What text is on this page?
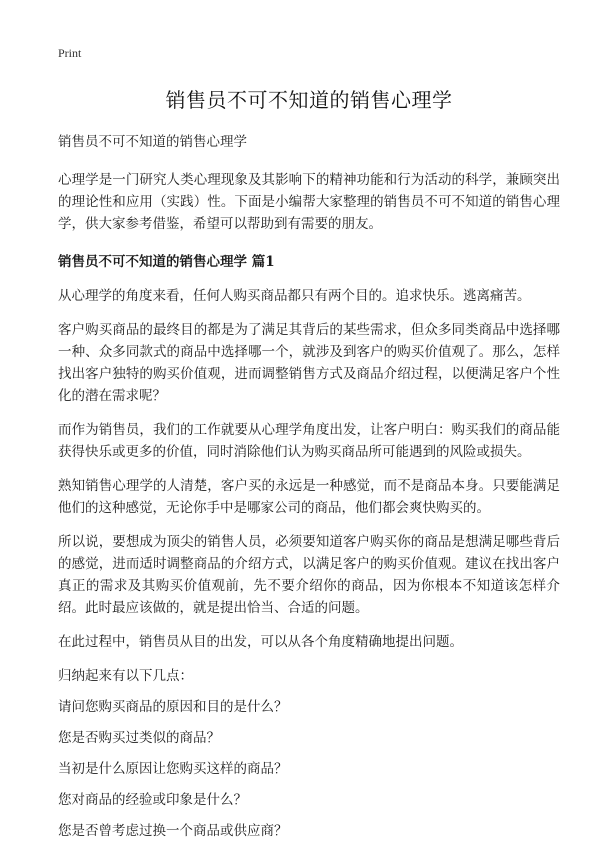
Print

销售员不可不知道的销售心理学

销售员不可不知道的销售心理学

心理学是一门研究人类心理现象及其影响下的精神功能和行为活动的科学，兼顾突出的理论性和应用（实践）性。下面是小编帮大家整理的销售员不可不知道的销售心理学，供大家参考借鉴，希望可以帮助到有需要的朋友。

销售员不可不知道的销售心理学 篇1

从心理学的角度来看，任何人购买商品都只有两个目的。追求快乐。逃离痛苦。

客户购买商品的最终目的都是为了满足其背后的某些需求，但众多同类商品中选择哪一种、众多同款式的商品中选择哪一个，就涉及到客户的购买价值观了。那么，怎样找出客户独特的购买价值观，进而调整销售方式及商品介绍过程，以便满足客户个性化的潜在需求呢？

而作为销售员，我们的工作就要从心理学角度出发，让客户明白：购买我们的商品能获得快乐或更多的价值，同时消除他们认为购买商品所可能遇到的风险或损失。

熟知销售心理学的人清楚，客户买的永远是一种感觉，而不是商品本身。只要能满足他们的这种感觉，无论你手中是哪家公司的商品，他们都会爽快购买的。

所以说，要想成为顶尖的销售人员，必须要知道客户购买你的商品是想满足哪些背后的感觉，进而适时调整商品的介绍方式，以满足客户的购买价值观。建议在找出客户真正的需求及其购买价值观前，先不要介绍你的商品，因为你根本不知道该怎样介绍。此时最应该做的，就是提出恰当、合适的问题。

在此过程中，销售员从目的出发，可以从各个角度精确地提出问题。

归纳起来有以下几点：

请问您购买商品的原因和目的是什么？
您是否购买过类似的商品？
当初是什么原因让您购买这样的商品？
您对商品的经验或印象是什么？
您是否曾考虑过换一个商品或供应商？
